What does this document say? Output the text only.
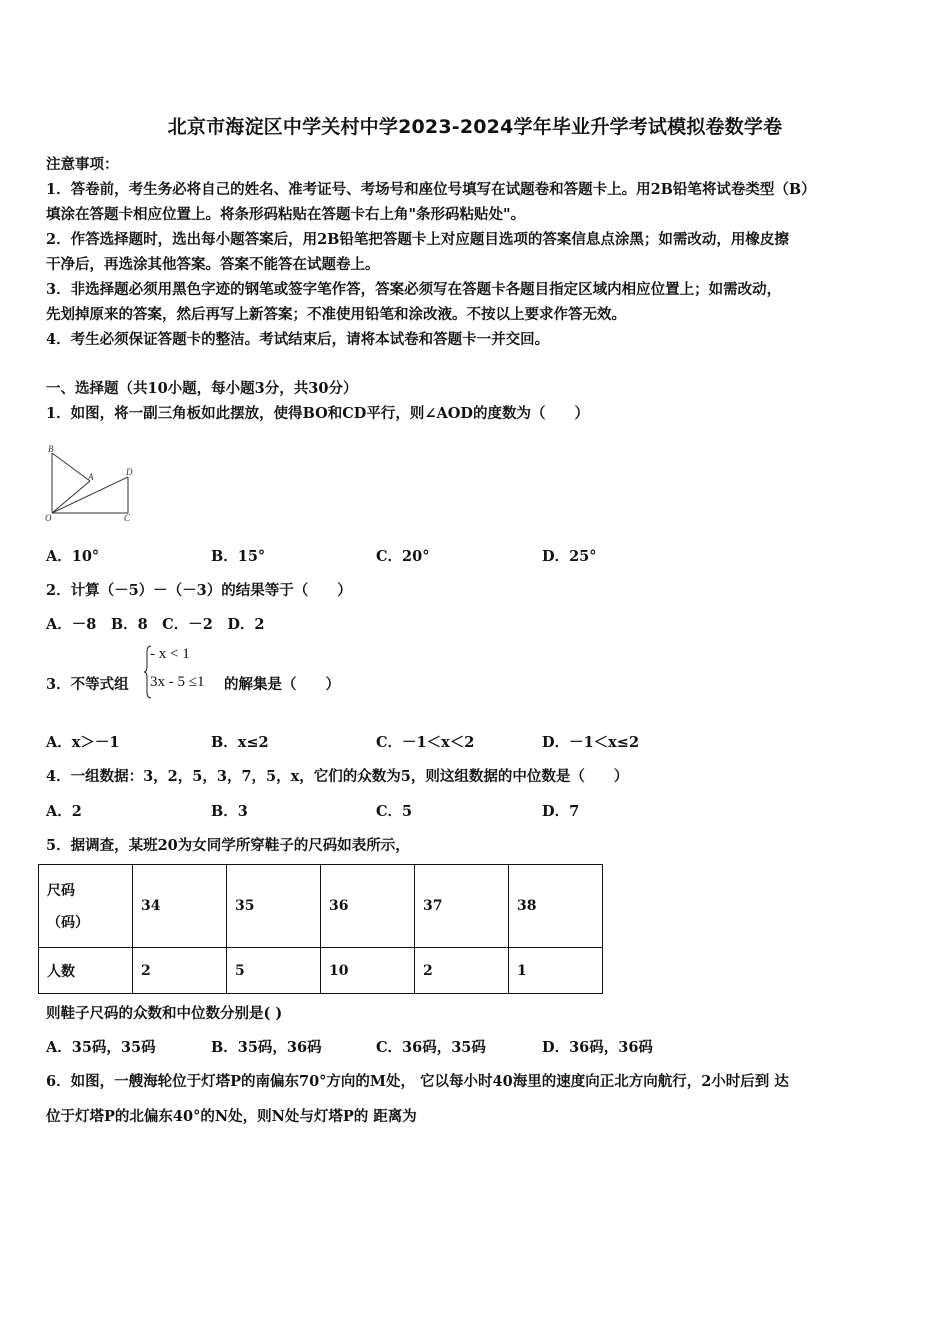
北京市海淀区中学关村中学2023-2024学年毕业升学考试模拟卷数学卷
注意事项：
1．答卷前，考生务必将自己的姓名、准考证号、考场号和座位号填写在试题卷和答题卡上。用2B铅笔将试卷类型（B）
填涂在答题卡相应位置上。将条形码粘贴在答题卡右上角"条形码粘贴处"。
2．作答选择题时，选出每小题答案后，用2B铅笔把答题卡上对应题目选项的答案信息点涂黑；如需改动，用橡皮擦
干净后，再选涂其他答案。答案不能答在试题卷上。
3．非选择题必须用黑色字迹的钢笔或签字笔作答，答案必须写在答题卡各题目指定区域内相应位置上；如需改动，
先划掉原来的答案，然后再写上新答案；不准使用铅笔和涂改液。不按以上要求作答无效。
4．考生必须保证答题卡的整洁。考试结束后，请将本试卷和答题卡一并交回。
一、选择题（共10小题，每小题3分，共30分）
1．如图，将一副三角板如此摆放，使得BO和CD平行，则∠AOD的度数为（　　）
B
A	D
O	C
A．10°	B．15°	C．20°	D．25°
2．计算（－5）－（－3）的结果等于（　　）
A．－8　B．8　C．－2　D．2
3．不等式组
- x < 1
3x - 5 ≤1 的解集是（　　）
A．x＞－1	B．x≤2	C．－1＜x＜2	D．－1＜x≤2
4．一组数据：3，2，5，3，7，5，x，它们的众数为5，则这组数据的中位数是（　　）
A．2	B．3	C．5	D．7
5．据调查，某班20为女同学所穿鞋子的尺码如表所示，
尺码
（码）	34	35	36	37	38
人数	2	5	10	2	1
则鞋子尺码的众数和中位数分别是( )
A．35码，35码	B．35码，36码	C．36码，35码	D．36码，36码
6．如图，一艘海轮位于灯塔P的南偏东70°方向的M处， 它以每小时40海里的速度向正北方向航行，2小时后到 达
位于灯塔P的北偏东40°的N处，则N处与灯塔P的 距离为
